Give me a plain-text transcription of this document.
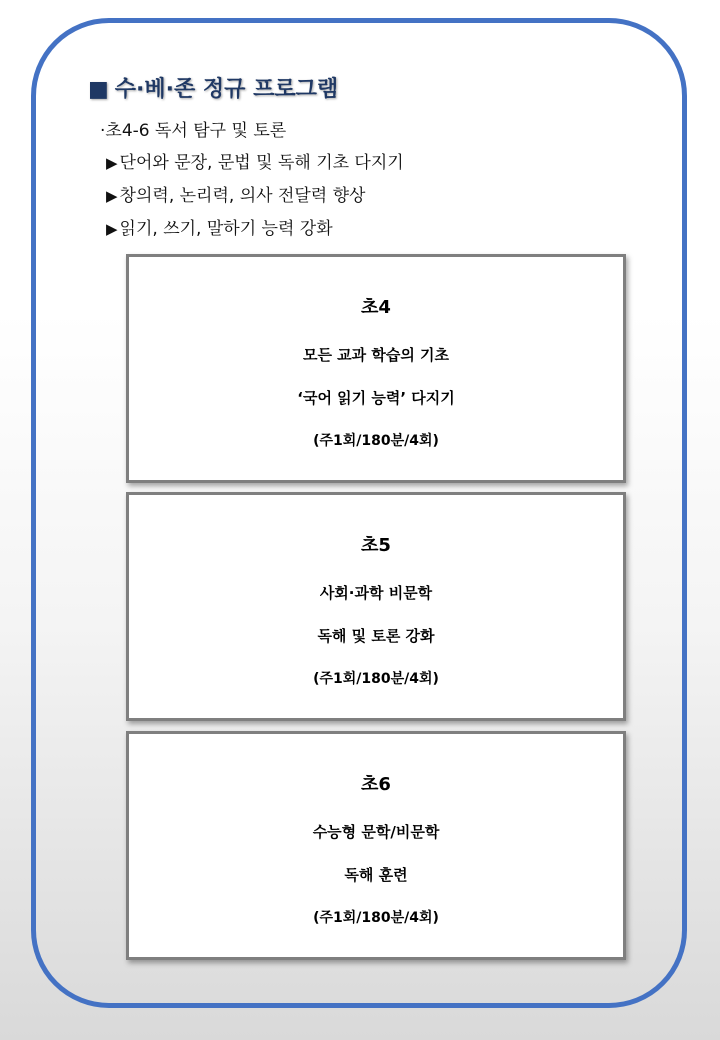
■ 수·베·존 정규 프로그램
·초4-6 독서 탐구 및 토론
▶ 단어와 문장, 문법 및 독해 기초 다지기
▶ 창의력, 논리력, 의사 전달력 향상
▶ 읽기, 쓰기, 말하기 능력 강화
초4
모든 교과 학습의 기초
‘국어 읽기 능력’ 다지기
(주1회/180분/4회)
초5
사회·과학 비문학
독해 및 토론 강화
(주1회/180분/4회)
초6
수능형 문학/비문학
독해 훈련
(주1회/180분/4회)
